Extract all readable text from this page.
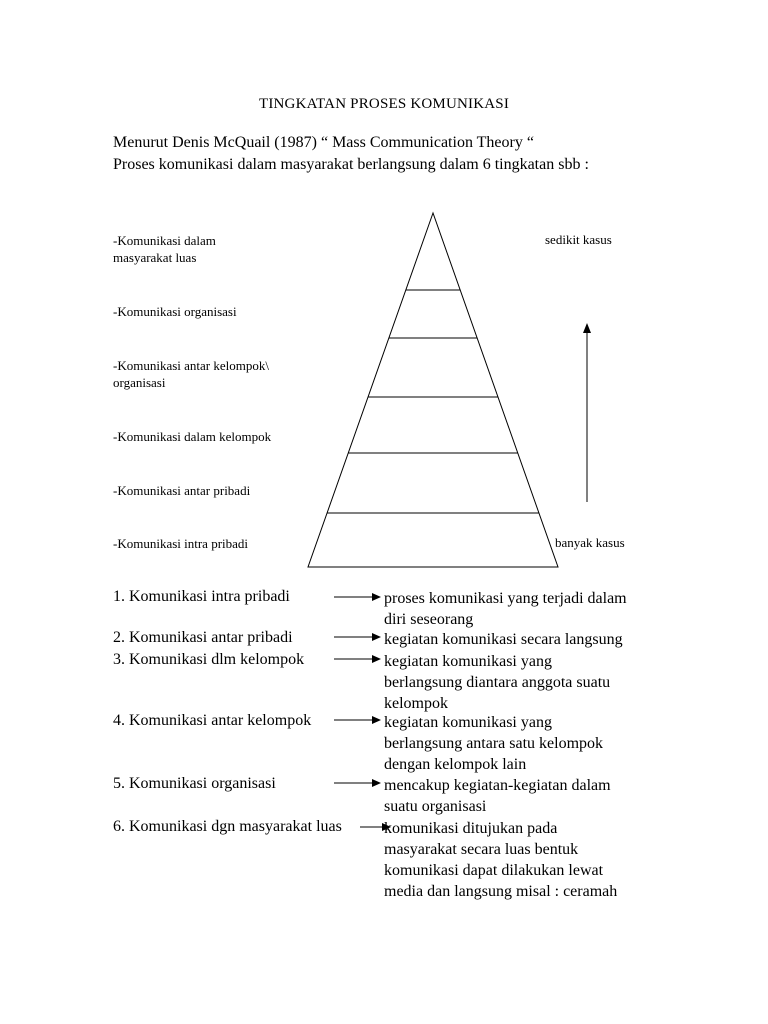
TINGKATAN PROSES KOMUNIKASI
Menurut Denis McQuail (1987) “ Mass Communication Theory “
Proses komunikasi dalam masyarakat berlangsung dalam 6 tingkatan sbb :
-Komunikasi dalam
masyarakat luas
-Komunikasi organisasi
-Komunikasi antar kelompok\
organisasi
-Komunikasi dalam kelompok
-Komunikasi antar pribadi
-Komunikasi intra pribadi
sedikit kasus
banyak kasus
1. Komunikasi intra pribadi	proses komunikasi yang terjadi dalam
diri seseorang
2. Komunikasi antar pribadi	kegiatan komunikasi secara langsung
3. Komunikasi dlm kelompok	kegiatan komunikasi yang
berlangsung diantara anggota suatu
kelompok
4. Komunikasi antar kelompok	kegiatan komunikasi yang
berlangsung antara satu kelompok
dengan kelompok lain
5. Komunikasi organisasi	mencakup kegiatan-kegiatan dalam
suatu organisasi
6. Komunikasi dgn masyarakat luas	komunikasi ditujukan pada
masyarakat secara luas bentuk
komunikasi dapat dilakukan lewat
media dan langsung misal : ceramah
